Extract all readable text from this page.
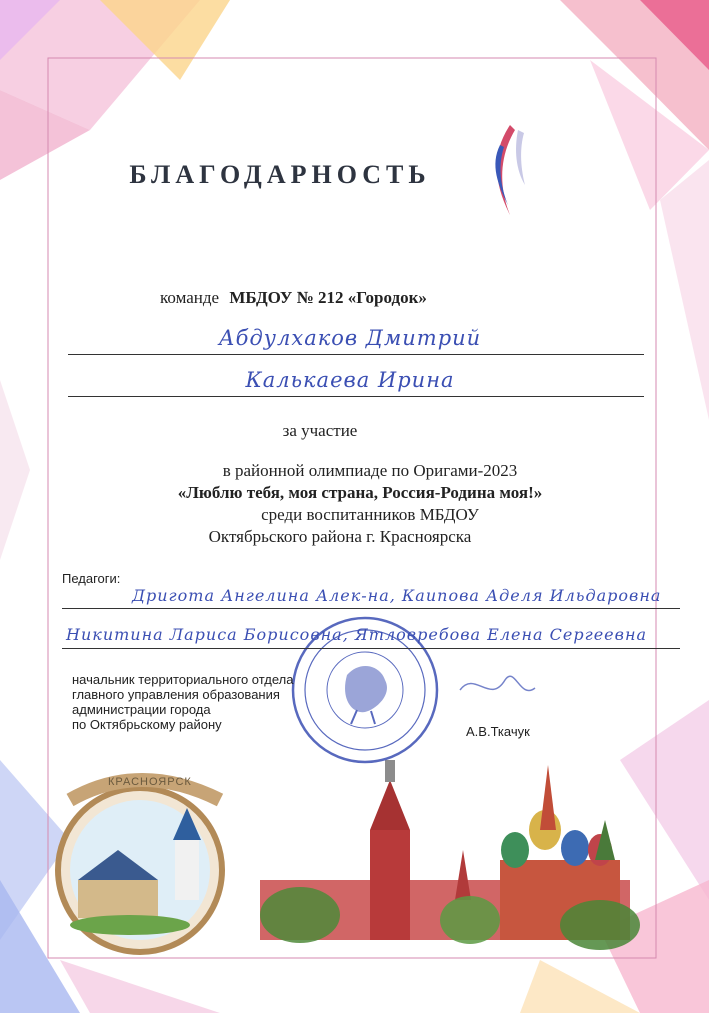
БЛАГОДАРНОСТЬ
команде МБДОУ № 212 «Городок»
Абдулхаков Дмитрий
Калькаева Ирина
за участие
в районной олимпиаде по Оригами-2023
«Люблю тебя, моя страна, Россия-Родина моя!»
среди воспитанников МБДОУ
Октябрьского района г. Красноярска
Педагоги:
Дригота Ангелина Алек-на, Каипова Аделя Ильдаровна
Никитина Лариса Борисовна, Ятловребова Елена Сергеевна
начальник территориального отдела
главного управления образования
администрации города
по Октябрьскому району	А.В.Ткачук
КРАСНОЯРСК
